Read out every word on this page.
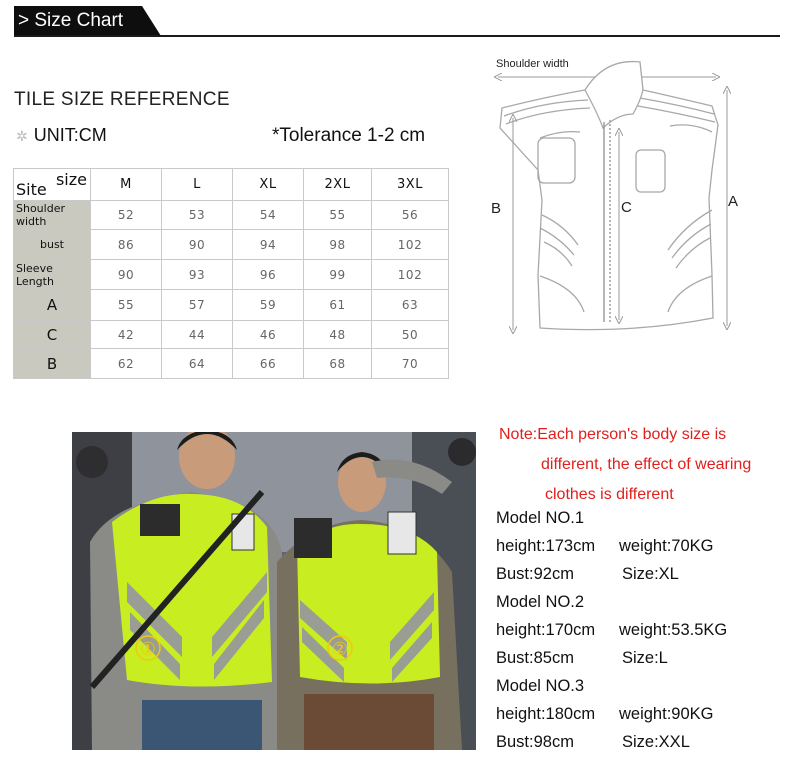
> Size Chart
TILE SIZE REFERENCE
✲ UNIT:CM	*Tolerance 1-2 cm
size
Site	M	L	XL	2XL	3XL
Shoulder width	52	53	54	55	56
bust	86	90	94	98	102
Sleeve Length	90	93	96	99	102
A	55	57	59	61	63
C	42	44	46	48	50
B	62	64	66	68	70
Shoulder width
B	C	A
①	②
Note:Each person's body size is
different, the effect of wearing
clothes is different
Model NO.1
height:173cm weight:70KG
Bust:92cm	Size:XL
Model NO.2
height:170cm weight:53.5KG
Bust:85cm	Size:L
Model NO.3
height:180cm weight:90KG
Bust:98cm	Size:XXL
